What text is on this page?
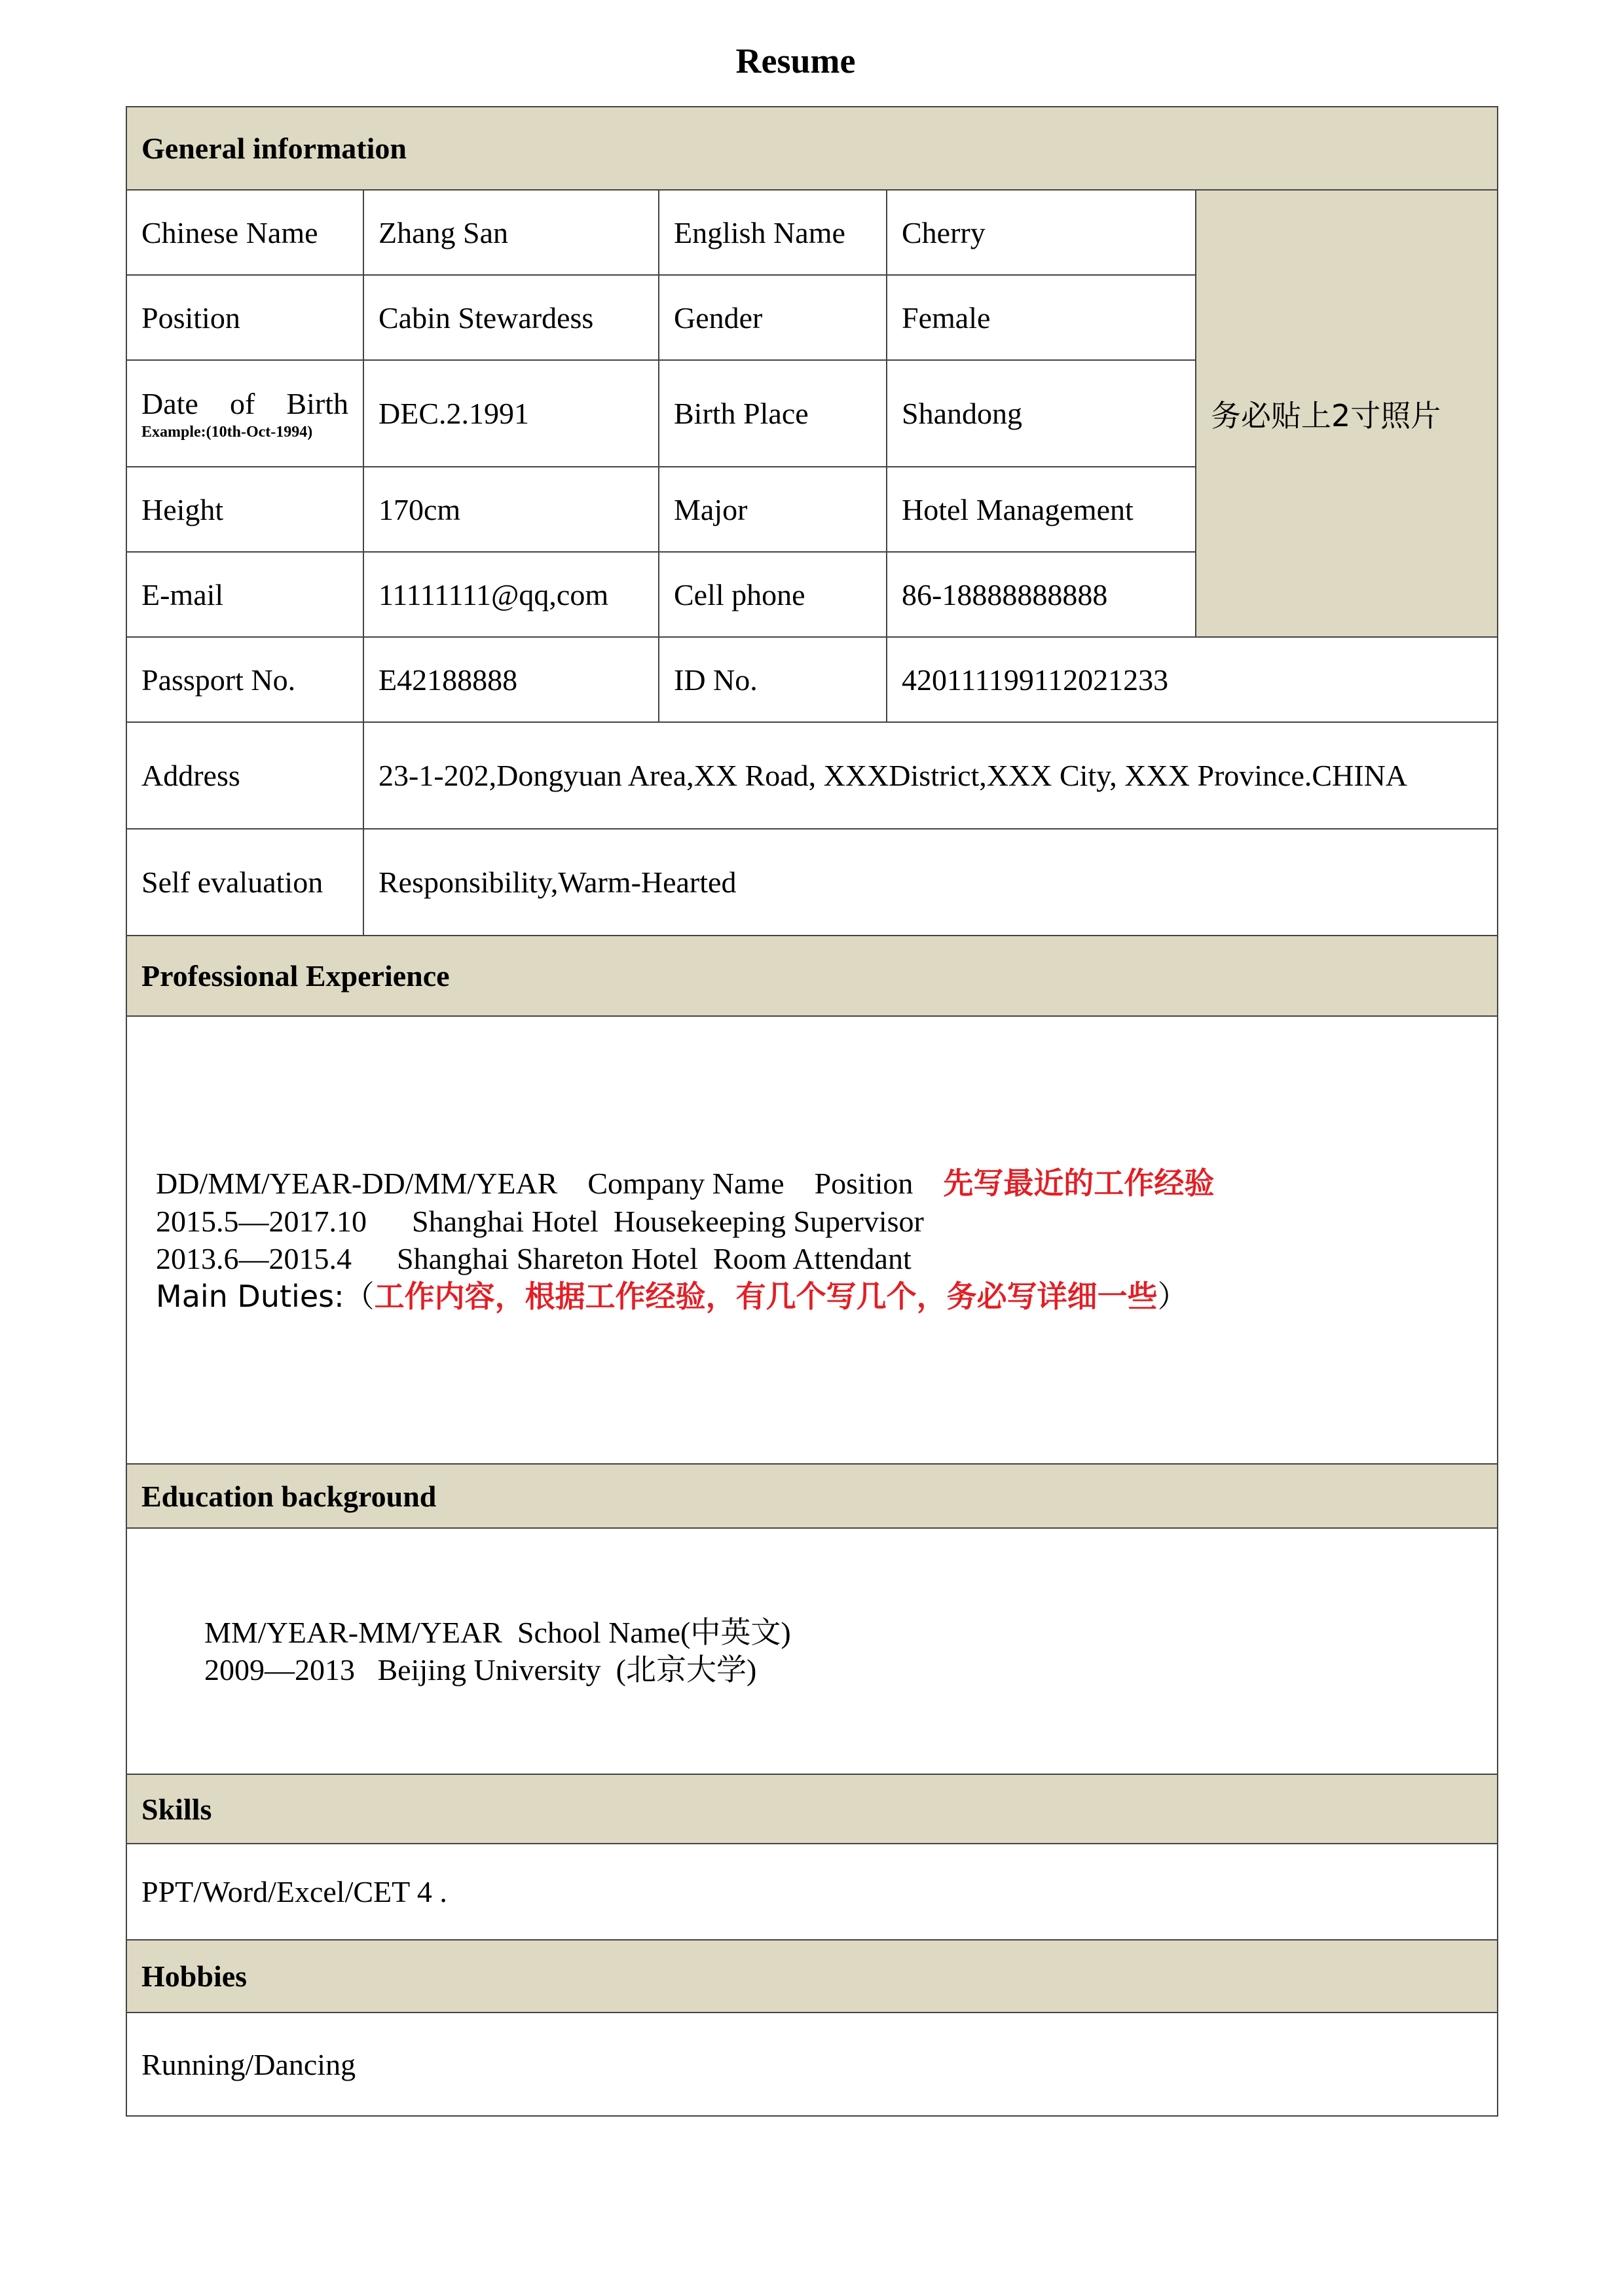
Resume
General information				
Chinese Name	Zhang San	English Name	Cherry	务必贴上2寸照片
Position	Cabin Stewardess	Gender	Female	

Date of Birth
Example:(10th-Oct-1994)	DEC.2.1991	Birth Place	Shandong	
Height	170cm	Major	Hotel Management	
E-mail	11111111@qq,com	Cell phone	86-18888888888	
Passport No.	E42188888	ID No.	420111199112021233	
Address	23-1-202,Dongyuan Area,XX Road, XXXDistrict,XXX City, XXX Province.CHINA			
Self evaluation	Responsibility,Warm-Hearted			
Professional Experience				

DD/MM/YEAR-DD/MM/YEAR    Company Name    Position 先写最近的工作经验
2015.5—2017.10      Shanghai Hotel  Housekeeping Supervisor
2013.6—2015.4      Shanghai Shareton Hotel  Room Attendant
Main Duties:（工作内容，根据工作经验，有几个写几个，务必写详细一些）				

Education background				

MM/YEAR-MM/YEAR  School Name(中英文)
2009—2013   Beijing University  (北京大学)				

Skills				
PPT/Word/Excel/CET 4 .				
Hobbies				
Running/Dancing				
